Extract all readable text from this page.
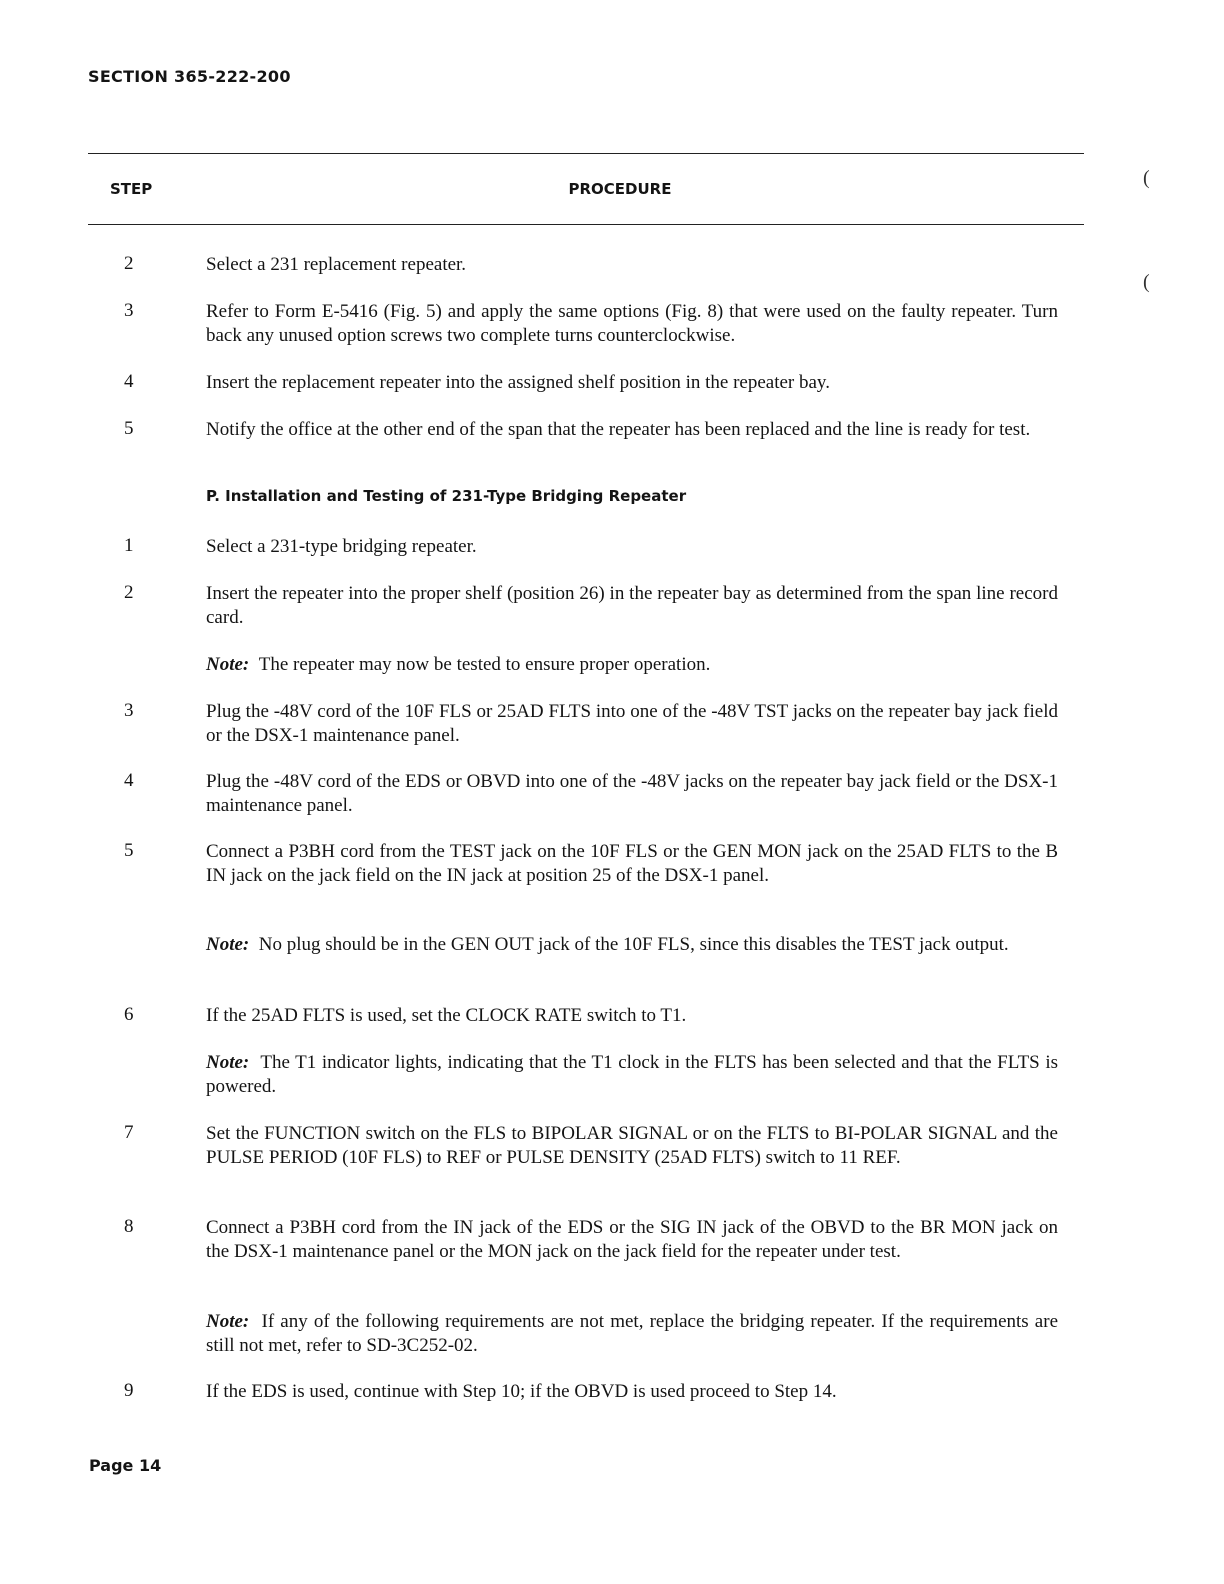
SECTION 365-222-200
STEP	PROCEDURE	(
(
2	Select a 231 replacement repeater.
3	Refer to Form E-5416 (Fig. 5) and apply the same options (Fig. 8) that were used on the faulty repeater. Turn back any unused option screws two complete turns counterclockwise.
4	Insert the replacement repeater into the assigned shelf position in the repeater bay.
5	Notify the office at the other end of the span that the repeater has been replaced and the line is ready for test.
P. Installation and Testing of 231-Type Bridging Repeater
1	Select a 231-type bridging repeater.
2	Insert the repeater into the proper shelf (position 26) in the repeater bay as determined from the span line record card.
Note: The repeater may now be tested to ensure proper operation.
3	Plug the -48V cord of the 10F FLS or 25AD FLTS into one of the -48V TST jacks on the repeater bay jack field or the DSX-1 maintenance panel.
4	Plug the -48V cord of the EDS or OBVD into one of the -48V jacks on the repeater bay jack field or the DSX-1 maintenance panel.
5	Connect a P3BH cord from the TEST jack on the 10F FLS or the GEN MON jack on the 25AD FLTS to the B IN jack on the jack field on the IN jack at position 25 of the DSX-1 panel.
Note: No plug should be in the GEN OUT jack of the 10F FLS, since this disables the TEST jack output.
6	If the 25AD FLTS is used, set the CLOCK RATE switch to T1.
Note: The T1 indicator lights, indicating that the T1 clock in the FLTS has been selected and that the FLTS is powered.
7	Set the FUNCTION switch on the FLS to BIPOLAR SIGNAL or on the FLTS to BI-POLAR SIGNAL and the PULSE PERIOD (10F FLS) to REF or PULSE DENSITY (25AD FLTS) switch to 11 REF.
8	Connect a P3BH cord from the IN jack of the EDS or the SIG IN jack of the OBVD to the BR MON jack on the DSX-1 maintenance panel or the MON jack on the jack field for the repeater under test.
Note: If any of the following requirements are not met, replace the bridging repeater. If the requirements are still not met, refer to SD-3C252-02.
9	If the EDS is used, continue with Step 10; if the OBVD is used proceed to Step 14.
Page 14
